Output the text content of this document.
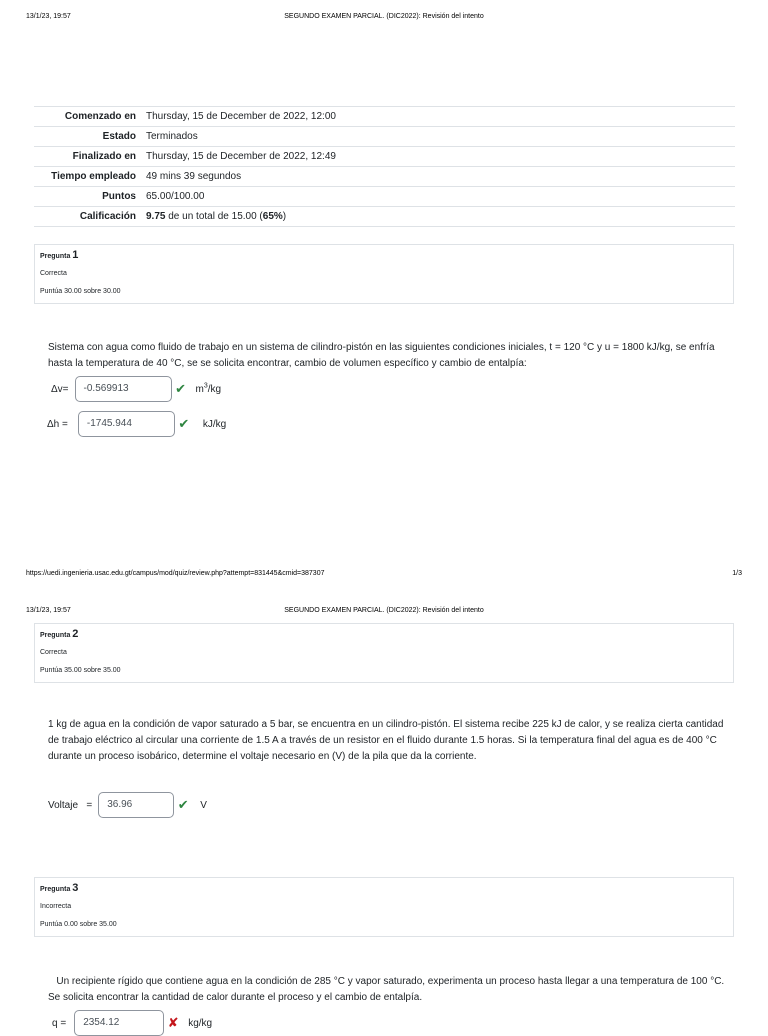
13/1/23, 19:57	SEGUNDO EXAMEN PARCIAL. (DIC2022): Revisión del intento
Comenzado en	Thursday, 15 de December de 2022, 12:00
Estado	Terminados
Finalizado en	Thursday, 15 de December de 2022, 12:49
Tiempo empleado	49 mins 39 segundos
Puntos	65.00/100.00
Calificación	9.75 de un total de 15.00 (65%)
Pregunta 1
Correcta
Puntúa 30.00 sobre 30.00
Sistema con agua como fluido de trabajo en un sistema de cilindro-pistón en las siguientes condiciones iniciales, t = 120 °C y u = 1800 kJ/kg, se enfría hasta la temperatura de 40 °C, se se solicita encontrar, cambio de volumen específico y cambio de entalpía:
Δv=	-0.569913	✔ $m^3/kg$
Δh =	-1745.944	✔ kJ/kg
https://uedi.ingenieria.usac.edu.gt/campus/mod/quiz/review.php?attempt=831445&cmid=387307	1/3
13/1/23, 19:57	SEGUNDO EXAMEN PARCIAL. (DIC2022): Revisión del intento
Pregunta 2
Correcta
Puntúa 35.00 sobre 35.00
1 kg de agua en la condición de vapor saturado a 5 bar, se encuentra en un cilindro-pistón. El sistema recibe 225 kJ de calor, y se realiza cierta cantidad de trabajo eléctrico al circular una corriente de 1.5 A a través de un resistor en el fluido durante 1.5 horas. Si la temperatura final del agua es de 400 °C durante un proceso isobárico, determine el voltaje necesario en (V) de la pila que da la corriente.
Voltaje   =	36.96	✔ V
Pregunta 3
Incorrecta
Puntúa 0.00 sobre 35.00
Un recipiente rígido que contiene agua en la condición de 285 °C y vapor saturado, experimenta un proceso hasta llegar a una temperatura de 100 °C. Se solicita encontrar la cantidad de calor durante el proceso y el cambio de entalpía.
q =	2354.12	✘ kg/kg
